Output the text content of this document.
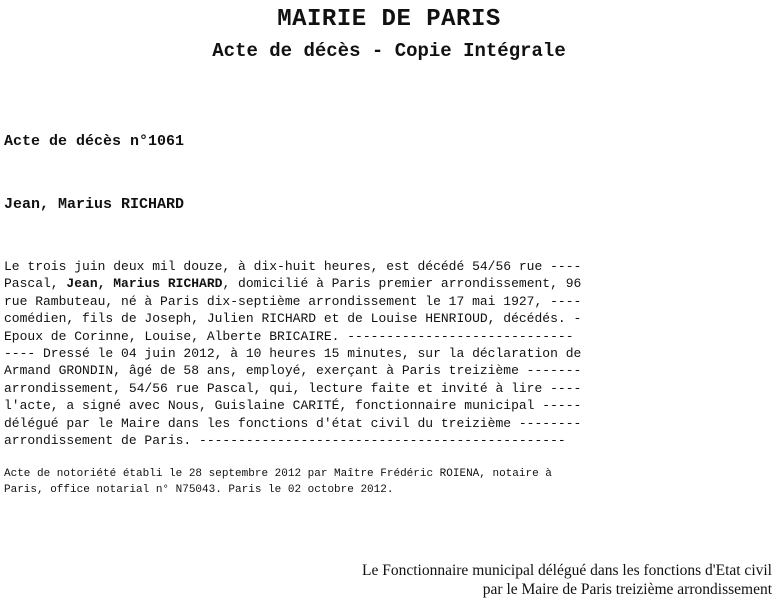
MAIRIE DE PARIS
Acte de décès - Copie Intégrale

Acte de décès n°1061

Jean, Marius RICHARD

Le trois juin deux mil douze, à dix-huit heures, est décédé 54/56 rue ----
Pascal, Jean, Marius RICHARD, domicilié à Paris premier arrondissement, 96
rue Rambuteau, né à Paris dix-septième arrondissement le 17 mai 1927, ----
comédien, fils de Joseph, Julien RICHARD et de Louise HENRIOUD, décédés. -
Epoux de Corinne, Louise, Alberte BRICAIRE. -----------------------------
---- Dressé le 04 juin 2012, à 10 heures 15 minutes, sur la déclaration de
Armand GRONDIN, âgé de 58 ans, employé, exerçant à Paris treizième -------
arrondissement, 54/56 rue Pascal, qui, lecture faite et invité à lire ----
l'acte, a signé avec Nous, Guislaine CARITÉ, fonctionnaire municipal -----
délégué par le Maire dans les fonctions d'état civil du treizième --------
arrondissement de Paris. -----------------------------------------------
Acte de notoriété établi le 28 septembre 2012 par Maître Frédéric ROIENA, notaire à
Paris, office notarial n° N75043. Paris le 02 octobre 2012.
Le Fonctionnaire municipal délégué dans les fonctions d'Etat civil
par le Maire de Paris treizième arrondissement
